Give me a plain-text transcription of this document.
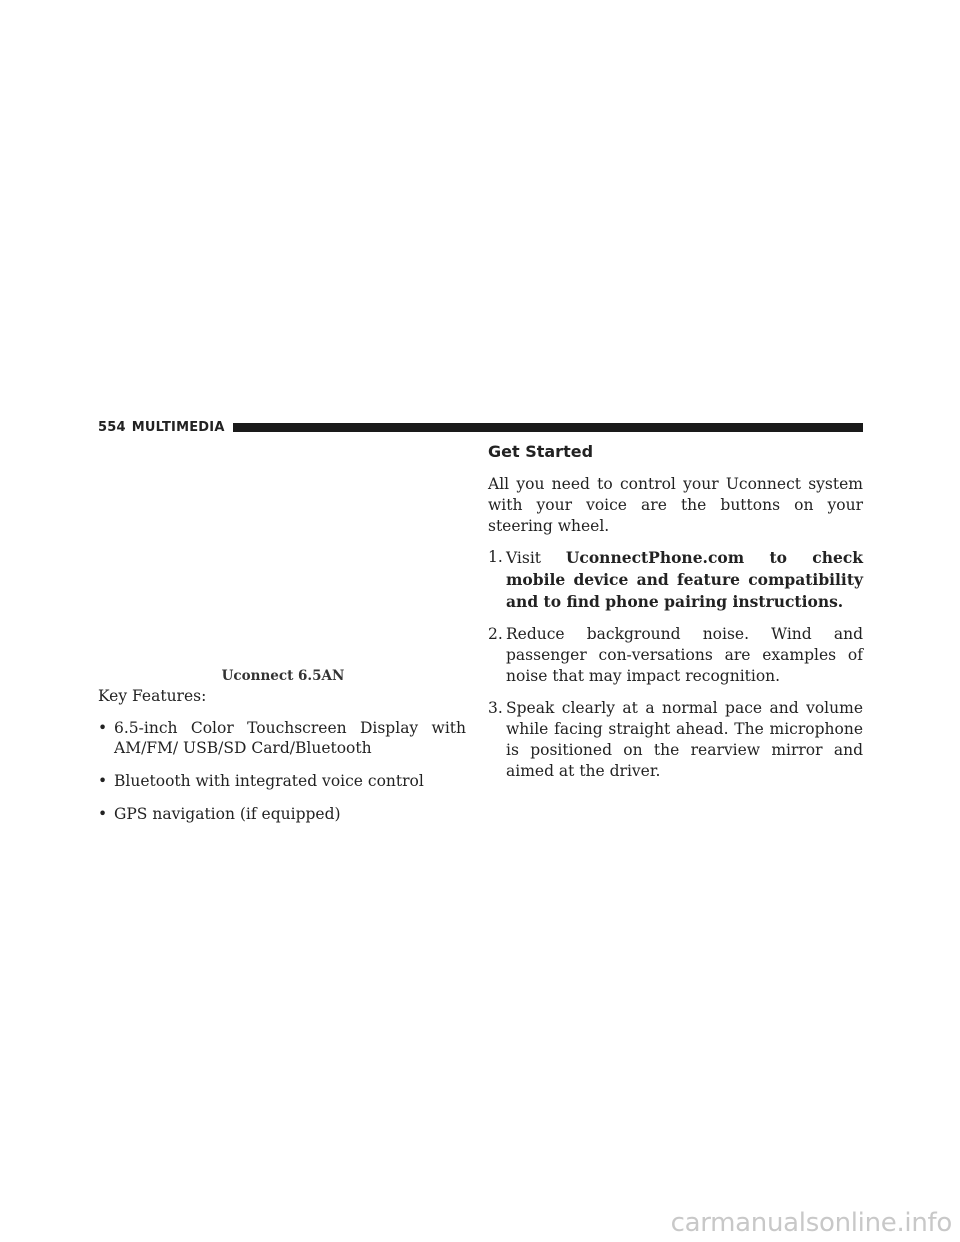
554 MULTIMEDIA
Uconnect 6.5AN

Key Features:

• 6.5-inch Color Touchscreen Display with AM/FM/ USB/SD Card/Bluetooth
• Bluetooth with integrated voice control
• GPS navigation (if equipped)
Get Started

All you need to control your Uconnect system with your voice are the buttons on your steering wheel.

1. Visit UconnectPhone.com to check mobile device and feature compatibility and to find phone pairing instructions.
2. Reduce background noise. Wind and passenger con-versations are examples of noise that may impact recognition.
3. Speak clearly at a normal pace and volume while facing straight ahead. The microphone is positioned on the rearview mirror and aimed at the driver.
carmanualsonline.info
